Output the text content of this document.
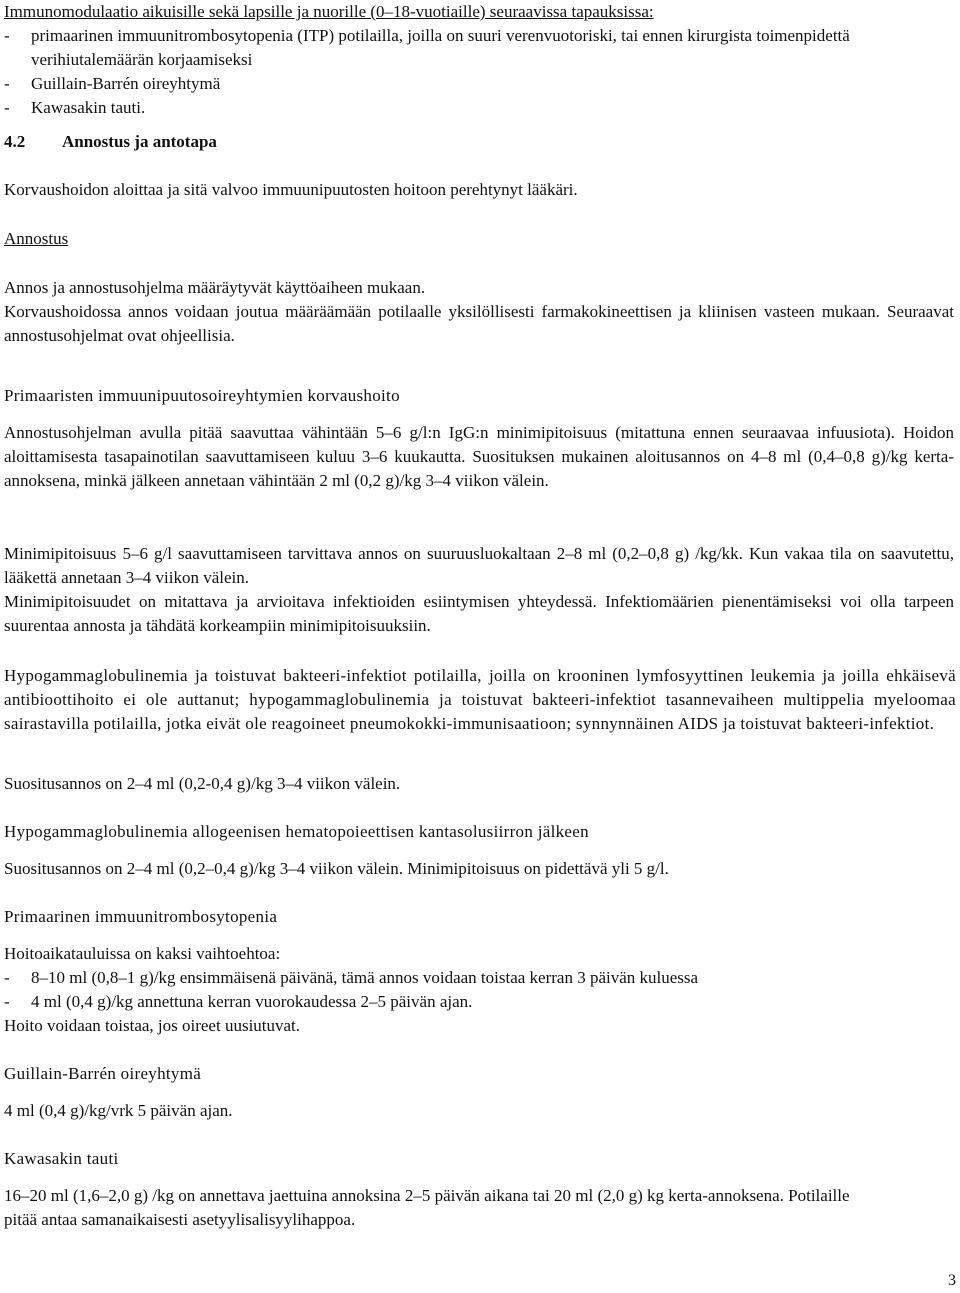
Immunomodulaatio aikuisille sekä lapsille ja nuorille (0–18-vuotiaille) seuraavissa tapauksissa:

- primaarinen immuunitrombosytopenia (ITP) potilailla, joilla on suuri verenvuotoriski, tai ennen kirurgista toimenpidettä verihiutalemäärän korjaamiseksi
- Guillain-Barrén oireyhtymä
- Kawasakin tauti.

4.2 Annostus ja antotapa

Korvaushoidon aloittaa ja sitä valvoo immuunipuutosten hoitoon perehtynyt lääkäri.

Annostus

Annos ja annostusohjelma määräytyvät käyttöaiheen mukaan.

Korvaushoidossa annos voidaan joutua määräämään potilaalle yksilöllisesti farmakokineettisen ja kliinisen vasteen mukaan. Seuraavat annostusohjelmat ovat ohjeellisia.

Primaaristen immuunipuutosoireyhtymien korvaushoito

Annostusohjelman avulla pitää saavuttaa vähintään 5–6 g/l:n IgG:n minimipitoisuus (mitattuna ennen seuraavaa infuusiota). Hoidon aloittamisesta tasapainotilan saavuttamiseen kuluu 3–6 kuukautta. Suosituksen mukainen aloitusannos on 4–8 ml (0,4–0,8 g)/kg kerta-annoksena, minkä jälkeen annetaan vähintään 2 ml (0,2 g)/kg 3–4 viikon välein.

Minimipitoisuus 5–6 g/l saavuttamiseen tarvittava annos on suuruusluokaltaan 2–8 ml (0,2–0,8 g) /kg/kk. Kun vakaa tila on saavutettu, lääkettä annetaan 3–4 viikon välein.

Minimipitoisuudet on mitattava ja arvioitava infektioiden esiintymisen yhteydessä. Infektiomäärien pienentämiseksi voi olla tarpeen suurentaa annosta ja tähdätä korkeampiin minimipitoisuuksiin.

Hypogammaglobulinemia ja toistuvat bakteeri-infektiot potilailla, joilla on krooninen lymfosyyttinen leukemia ja joilla ehkäisevä antibioottihoito ei ole auttanut; hypogammaglobulinemia ja toistuvat bakteeri-infektiot tasannevaiheen multippelia myeloomaa sairastavilla potilailla, jotka eivät ole reagoineet pneumokokki-immunisaatioon; synnynnäinen AIDS ja toistuvat bakteeri-infektiot.

Suositusannos on 2–4 ml (0,2-0,4 g)/kg 3–4 viikon välein.

Hypogammaglobulinemia allogeenisen hematopoieettisen kantasolusiirron jälkeen

Suositusannos on 2–4 ml (0,2–0,4 g)/kg 3–4 viikon välein. Minimipitoisuus on pidettävä yli 5 g/l.

Primaarinen immuunitrombosytopenia

Hoitoaikatauluissa on kaksi vaihtoehtoa:

- 8–10 ml (0,8–1 g)/kg ensimmäisenä päivänä, tämä annos voidaan toistaa kerran 3 päivän kuluessa
- 4 ml (0,4 g)/kg annettuna kerran vuorokaudessa 2–5 päivän ajan.

Hoito voidaan toistaa, jos oireet uusiutuvat.

Guillain-Barrén oireyhtymä

4 ml (0,4 g)/kg/vrk 5 päivän ajan.

Kawasakin tauti

16–20 ml (1,6–2,0 g) /kg on annettava jaettuina annoksina 2–5 päivän aikana tai 20 ml (2,0 g) kg kerta-annoksena. Potilaille pitää antaa samanaikaisesti asetyylisalisyylihappoa.

3
